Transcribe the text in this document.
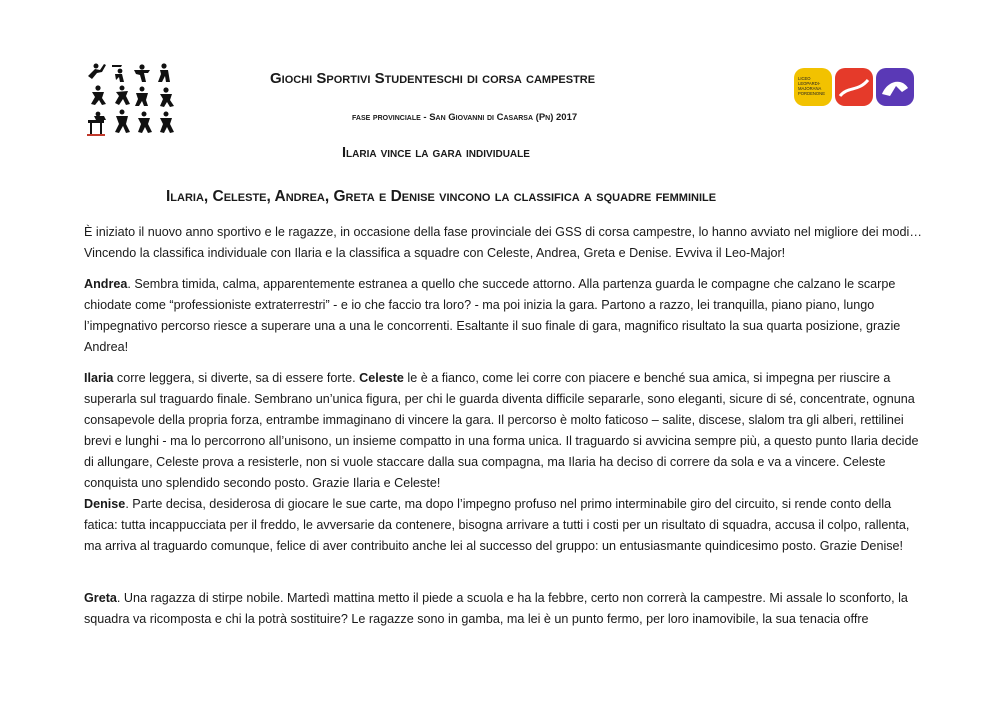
LICEO
LEOPARDI-
MAJORANA
PORDENONE
Giochi Sportivi Studenteschi di corsa campestre
fase provinciale - San Giovanni di Casarsa (Pn) 2017
Ilaria vince la gara individuale
Ilaria, Celeste, Andrea, Greta e Denise vincono la classifica a squadre femminile

È iniziato il nuovo anno sportivo e le ragazze, in occasione della fase provinciale dei GSS di corsa campestre, lo hanno avviato nel migliore dei modi… Vincendo la classifica individuale con Ilaria e la classifica a squadre con Celeste, Andrea, Greta e Denise. Evviva il Leo-Major!

Andrea. Sembra timida, calma, apparentemente estranea a quello che succede attorno. Alla partenza guarda le compagne che calzano le scarpe chiodate come “professioniste extraterrestri” - e io che faccio tra loro? - ma poi inizia la gara. Partono a razzo, lei tranquilla, piano piano, lungo l’impegnativo percorso riesce a superare una a una le concorrenti. Esaltante il suo finale di gara, magnifico risultato la sua quarta posizione, grazie Andrea!

Ilaria corre leggera, si diverte, sa di essere forte. Celeste le è a fianco, come lei corre con piacere e benché sua amica, si impegna per riuscire a superarla sul traguardo finale. Sembrano un’unica figura, per chi le guarda diventa difficile separarle, sono eleganti, sicure di sé, concentrate, ognuna consapevole della propria forza, entrambe immaginano di vincere la gara. Il percorso è molto faticoso – salite, discese, slalom tra gli alberi, rettilinei brevi e lunghi - ma lo percorrono all’unisono, un insieme compatto in una forma unica. Il traguardo si avvicina sempre più, a questo punto Ilaria decide di allungare, Celeste prova a resisterle, non si vuole staccare dalla sua compagna, ma Ilaria ha deciso di correre da sola e va a vincere. Celeste conquista uno splendido secondo posto. Grazie Ilaria e Celeste!

Denise. Parte decisa, desiderosa di giocare le sue carte, ma dopo l’impegno profuso nel primo interminabile giro del circuito, si rende conto della fatica: tutta incappucciata per il freddo, le avversarie da contenere, bisogna arrivare a tutti i costi per un risultato di squadra, accusa il colpo, rallenta, ma arriva al traguardo comunque, felice di aver contribuito anche lei al successo del gruppo: un entusiasmante quindicesimo posto. Grazie Denise!

Greta. Una ragazza di stirpe nobile. Martedì mattina metto il piede a scuola e ha la febbre, certo non correrà la campestre. Mi assale lo sconforto, la squadra va ricomposta e chi la potrà sostituire? Le ragazze sono in gamba, ma lei è un punto fermo, per loro inamovibile, la sua tenacia offre
